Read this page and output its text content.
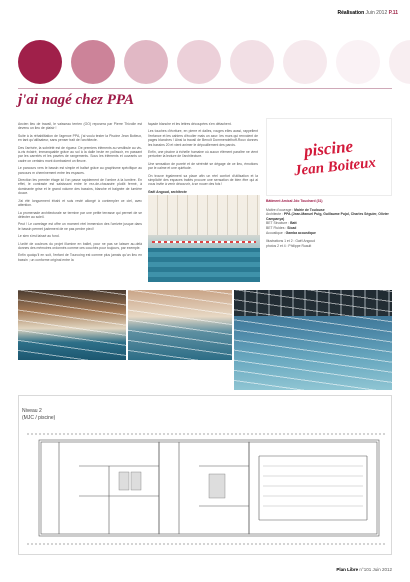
Réalisation Juin 2012 P.11
j'ai nagé chez PPA

Ancien lieu de travail, le vaisseau terrien (OO) reposera par Pierre Thivolle est devenu un lieu de plaisir !

Suite à la réhabilitation de l'agence PPA, j'ai voulu tester la Piscine Jean Boiteux, en tant qu'utilisateur, sans penser trait de l'architecte.

Des l'arrivée, la sobriété est de rigueur. De premiers éléments au vestibule au vis-à-vis éclairé, immanquable grâce au sol à la dalle brute en polissoir, en passant par les carrelés et les pavées de rangements. Sous les éléments et ouvrants un cadre on certains mont dombasient un fleuve.

Le parcours vers le bassin est simple et balisé grâce au graphisme spécifique au parcours m cheminement entre les espaces.

Direction les premier étage ici l'on passe rapidement de l'ombre à la lumière. En effet, le contraste est saisissant entre le rez-de-chaussée plutôt fermé, à dominante grise et le grand volume des bassins, blanche et baignée de lumière douce.

J'ai été longuement ébahi et suis resté allongé à contempler ce ciel, avec attention.

La promenade architecturale se termine par une petite terrasse qui permet de se délecter au soleil.

Peut ! Le carrelage est offre un moment réel immersion des l'arrivée jusque dans le bassin permet justement de ne pas perdre pied !

Le sien s'est laissé au fond.

L'unité de couleurs du projet illumine en ballet, pour ne pas se laisser au-delà donnes des mémoires ordonnés comme ces couchés pour toujours, par exemple.

Enfin quoiqu'il en soit, l'enfant de Tourcoing est comme plus jamais qu'un lieu en bassin ; un conforme original entre la

façade blanche et les lettres découpées s'en détachent.

Les touches d'écriture, en pierre et dalles, rouges elles aussi, rappellent l'enfance et les cahiers d'écolier mais un azur: les murs qui renvoient de pages blanches ! Ainsi la travail de Benoît Dommendelhoff-Roux donnes les bassins 20 et vient animer le dépouillement des parois.

Enfin, une piscine à échelle humaine où aucun élément paraître ne vient perturber la lecture de l'architecture.

Une sensation de pureté et de sérénité se dégage de ce lieu, émotions par le calme et une quiétude.

On trouve également sa place afin un réel confort d'utilisation et la simplicité des espaces traités procure une sensation de bien être qui ai vous invite à venir découvrir, à se nouer des fois !

Gaël Angoud, architecte

piscine
Jean Boiteux
Bâtiment Amical Jdo Touchard (31)
Maître d'ouvrage : Mairie de Toulouse
Architecte : PPA (Jean-Manuel Puig, Guillaume Pujol, Charles Séguier, Olivier Campanya)
BET Structure : Batt
BET Fluides : Sicad
Acoustique : Gamba acoustique
Illustrations 1 et 2 : Gaël Angoud
photos 2 et 4 : Philippe Ruault
Niveau 2
(MJC / piscine)
Plan Libre n°101 Juin 2012
